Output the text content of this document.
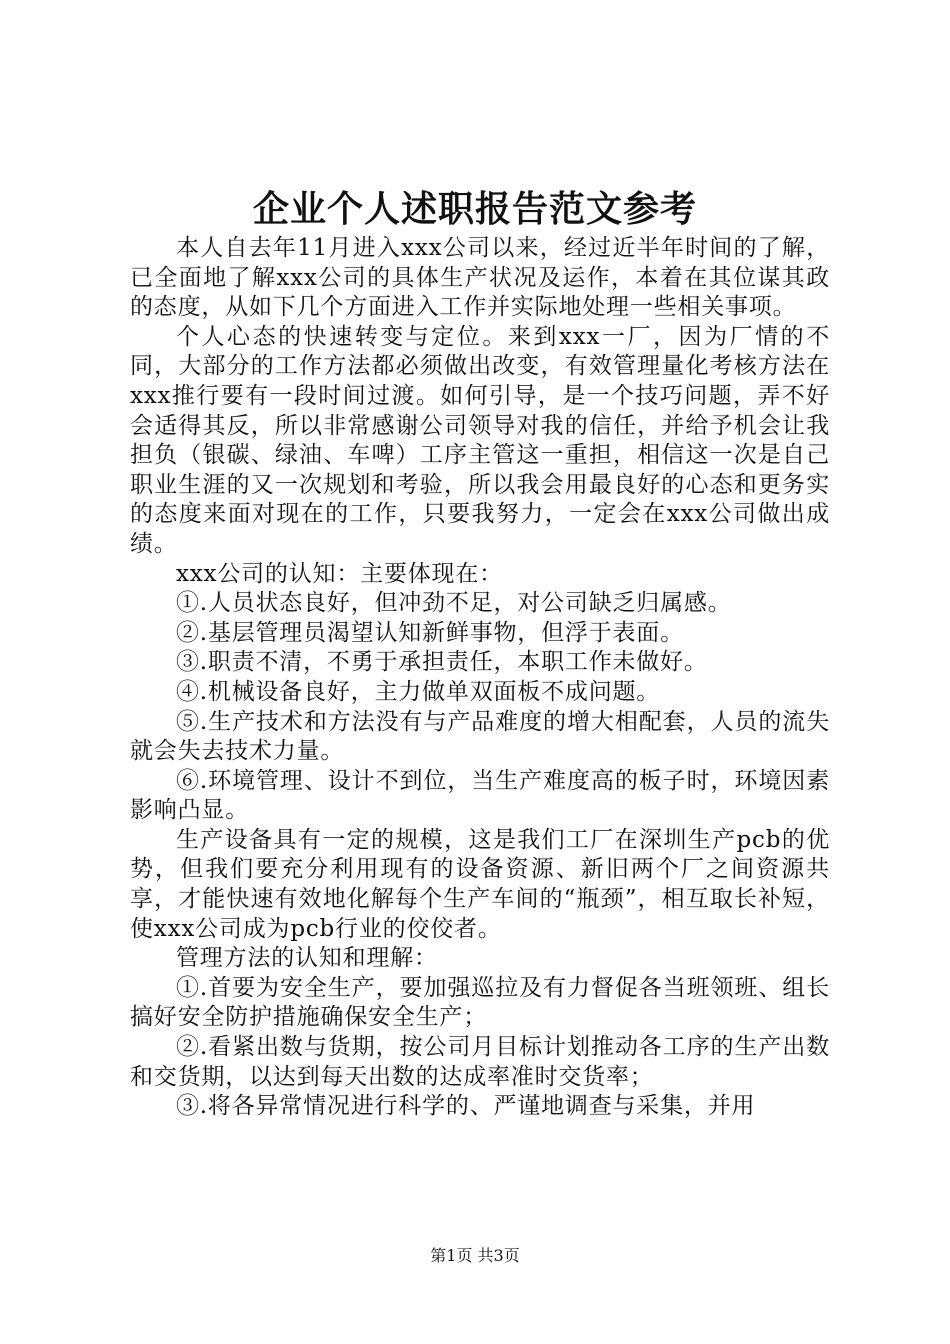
企业个人述职报告范文参考

本人自去年11月进入xxx公司以来，经过近半年时间的了解，已全面地了解xxx公司的具体生产状况及运作，本着在其位谋其政的态度，从如下几个方面进入工作并实际地处理一些相关事项。

个人心态的快速转变与定位。来到xxx一厂，因为厂情的不同，大部分的工作方法都必须做出改变，有效管理量化考核方法在xxx推行要有一段时间过渡。如何引导，是一个技巧问题，弄不好会适得其反，所以非常感谢公司领导对我的信任，并给予机会让我担负（银碳、绿油、车啤）工序主管这一重担，相信这一次是自己职业生涯的又一次规划和考验，所以我会用最良好的心态和更务实的态度来面对现在的工作，只要我努力，一定会在xxx公司做出成绩。

xxx公司的认知：主要体现在：

①.人员状态良好，但冲劲不足，对公司缺乏归属感。

②.基层管理员渴望认知新鲜事物，但浮于表面。

③.职责不清，不勇于承担责任，本职工作未做好。

④.机械设备良好，主力做单双面板不成问题。

⑤.生产技术和方法没有与产品难度的增大相配套，人员的流失就会失去技术力量。

⑥.环境管理、设计不到位，当生产难度高的板子时，环境因素影响凸显。

生产设备具有一定的规模，这是我们工厂在深圳生产pcb的优势，但我们要充分利用现有的设备资源、新旧两个厂之间资源共享，才能快速有效地化解每个生产车间的“瓶颈”，相互取长补短，使xxx公司成为pcb行业的佼佼者。

管理方法的认知和理解：

①.首要为安全生产，要加强巡拉及有力督促各当班领班、组长搞好安全防护措施确保安全生产；

②.看紧出数与货期，按公司月目标计划推动各工序的生产出数和交货期，以达到每天出数的达成率准时交货率；

③.将各异常情况进行科学的、严谨地调查与采集，并用

第1页 共3页
